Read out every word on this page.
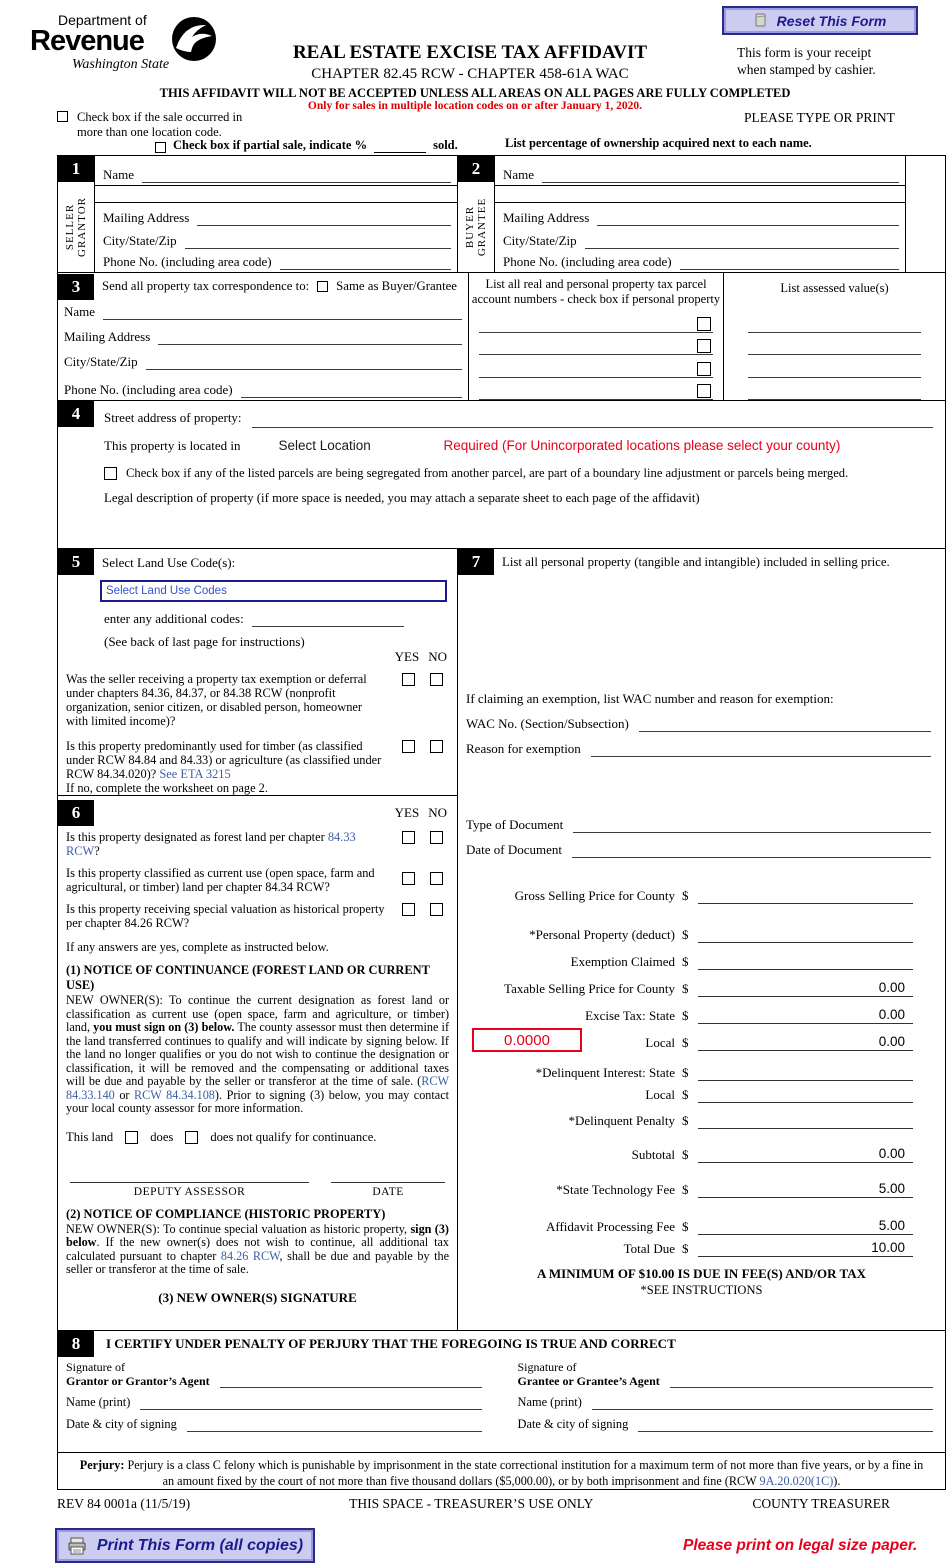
Department of
Revenue
Washington State
Reset This Form
REAL ESTATE EXCISE TAX AFFIDAVIT
CHAPTER 82.45 RCW - CHAPTER 458-61A WAC
This form is your receipt
when stamped by cashier.
THIS AFFIDAVIT WILL NOT BE ACCEPTED UNLESS ALL AREAS ON ALL PAGES ARE FULLY COMPLETED
Only for sales in multiple location codes on or after January 1, 2020.
Check box if the sale occurred in
more than one location code.
PLEASE TYPE OR PRINT
Check box if partial sale, indicate %	sold.	List percentage of ownership acquired next to each name.
1
SELLER GRANTOR
Name
Mailing Address
City/State/Zip
Phone No. (including area code)
2
BUYER GRANTEE
Name
Mailing Address
City/State/Zip
Phone No. (including area code)
3	Send all property tax correspondence to: Same as Buyer/Grantee
Name
Mailing Address
City/State/Zip
Phone No. (including area code)
List all real and personal property tax parcel
account numbers - check box if personal property
List assessed value(s)
4	Street address of property:
This property is located in	Select Location	Required (For Unincorporated locations please select your county)
Check box if any of the listed parcels are being segregated from another parcel, are part of a boundary line adjustment or parcels being merged.
Legal description of property (if more space is needed, you may attach a separate sheet to each page of the affidavit)
5	Select Land Use Code(s):
Select Land Use Codes
enter any additional codes:
(See back of last page for instructions)
YES NO
Was the seller receiving a property tax exemption or deferral under chapters 84.36, 84.37, or 84.38 RCW (nonprofit organization, senior citizen, or disabled person, homeowner with limited income)?
Is this property predominantly used for timber (as classified under RCW 84.84 and 84.33) or agriculture (as classified under RCW 84.34.020)? See ETA 3215
If no, complete the worksheet on page 2.
6	YES NO
Is this property designated as forest land per chapter 84.33 RCW?
Is this property classified as current use (open space, farm and agricultural, or timber) land per chapter 84.34 RCW?
Is this property receiving special valuation as historical property per chapter 84.26 RCW?
If any answers are yes, complete as instructed below.
(1) NOTICE OF CONTINUANCE (FOREST LAND OR CURRENT USE)
NEW OWNER(S): To continue the current designation as forest land or classification as current use (open space, farm and agriculture, or timber) land, you must sign on (3) below. The county assessor must then determine if the land transferred continues to qualify and will indicate by signing below. If the land no longer qualifies or you do not wish to continue the designation or classification, it will be removed and the compensating or additional taxes will be due and payable by the seller or transferor at the time of sale. (RCW 84.33.140 or RCW 84.34.108). Prior to signing (3) below, you may contact your local county assessor for more information.
This land	does	does not qualify for continuance.
DEPUTY ASSESSOR	DATE
(2) NOTICE OF COMPLIANCE (HISTORIC PROPERTY)
NEW OWNER(S): To continue special valuation as historic property, sign (3) below. If the new owner(s) does not wish to continue, all additional tax calculated pursuant to chapter 84.26 RCW, shall be due and payable by the seller or transferor at the time of sale.
(3) NEW OWNER(S) SIGNATURE
7	List all personal property (tangible and intangible) included in selling price.
If claiming an exemption, list WAC number and reason for exemption:
WAC No. (Section/Subsection)
Reason for exemption
Type of Document
Date of Document
Gross Selling Price for County $
*Personal Property (deduct) $
Exemption Claimed $
Taxable Selling Price for County $	0.00
Excise Tax: State $	0.00
0.0000	Local $	0.00
*Delinquent Interest: State $
Local $
*Delinquent Penalty $
Subtotal $	0.00
*State Technology Fee $	5.00
Affidavit Processing Fee $	5.00
Total Due $	10.00
A MINIMUM OF $10.00 IS DUE IN FEE(S) AND/OR TAX
*SEE INSTRUCTIONS
8	I CERTIFY UNDER PENALTY OF PERJURY THAT THE FOREGOING IS TRUE AND CORRECT
Signature of
Grantor or Grantor’s Agent
Name (print)
Date & city of signing
Signature of
Grantee or Grantee’s Agent
Name (print)
Date & city of signing
Perjury: Perjury is a class C felony which is punishable by imprisonment in the state correctional institution for a maximum term of not more than five years, or by a fine in an amount fixed by the court of not more than five thousand dollars ($5,000.00), or by both imprisonment and fine (RCW 9A.20.020(1C)).
REV 84 0001a (11/5/19)	THIS SPACE - TREASURER’S USE ONLY	COUNTY TREASURER
Print This Form (all copies)	Please print on legal size paper.
